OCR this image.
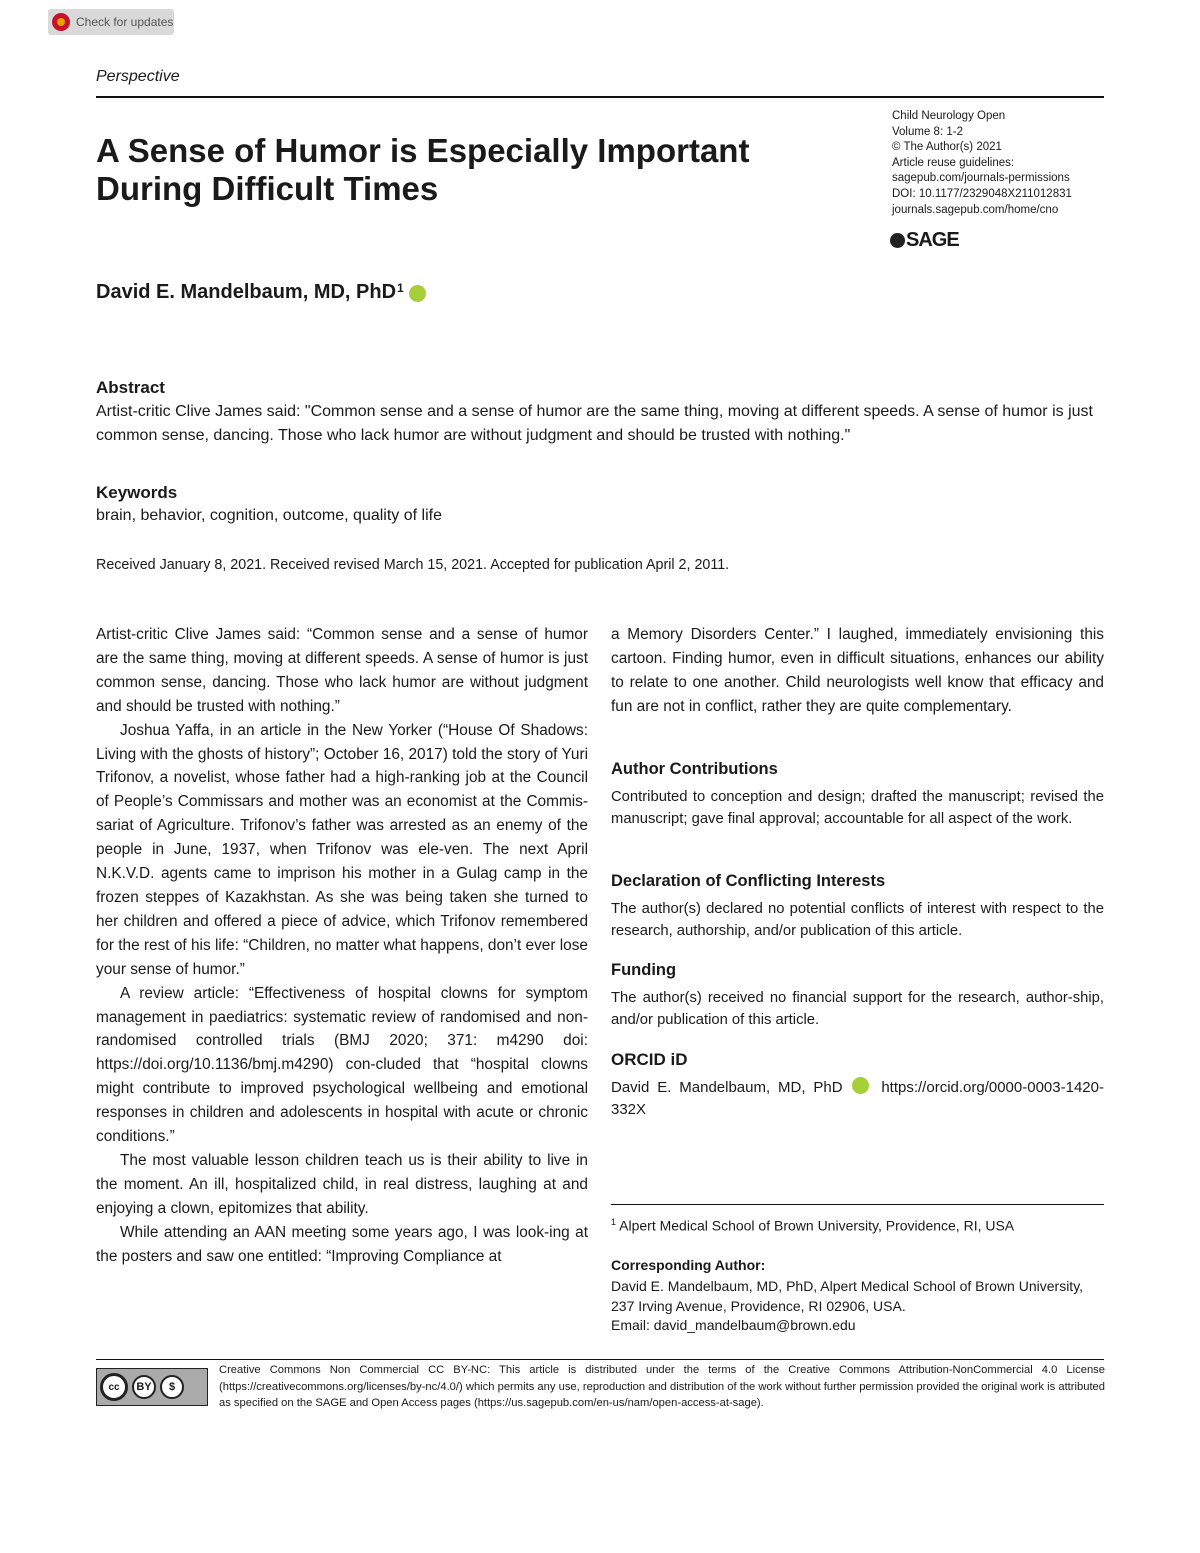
Check for updates
Perspective
A Sense of Humor is Especially Important During Difficult Times
Child Neurology Open
Volume 8: 1-2
© The Author(s) 2021
Article reuse guidelines:
sagepub.com/journals-permissions
DOI: 10.1177/2329048X211012831
journals.sagepub.com/home/cno
SAGE
David E. Mandelbaum, MD, PhD$^1$
Abstract
Artist-critic Clive James said: "Common sense and a sense of humor are the same thing, moving at different speeds. A sense of humor is just common sense, dancing. Those who lack humor are without judgment and should be trusted with nothing."
Keywords
brain, behavior, cognition, outcome, quality of life
Received January 8, 2021. Received revised March 15, 2021. Accepted for publication April 2, 2011.

Artist-critic Clive James said: “Common sense and a sense of humor are the same thing, moving at different speeds. A sense of humor is just common sense, dancing. Those who lack humor are without judgment and should be trusted with nothing.”

Joshua Yaffa, in an article in the New Yorker (“House Of Shadows: Living with the ghosts of history”; October 16, 2017) told the story of Yuri Trifonov, a novelist, whose father had a high-ranking job at the Council of People’s Commissars and mother was an economist at the Commis-sariat of Agriculture. Trifonov’s father was arrested as an enemy of the people in June, 1937, when Trifonov was ele-ven. The next April N.K.V.D. agents came to imprison his mother in a Gulag camp in the frozen steppes of Kazakhstan. As she was being taken she turned to her children and offered a piece of advice, which Trifonov remembered for the rest of his life: “Children, no matter what happens, don’t ever lose your sense of humor.”

A review article: “Effectiveness of hospital clowns for symptom management in paediatrics: systematic review of randomised and non-randomised controlled trials (BMJ 2020; 371: m4290 doi: https://doi.org/10.1136/bmj.m4290) con-cluded that “hospital clowns might contribute to improved psychological wellbeing and emotional responses in children and adolescents in hospital with acute or chronic conditions.”

The most valuable lesson children teach us is their ability to live in the moment. An ill, hospitalized child, in real distress, laughing at and enjoying a clown, epitomizes that ability.

While attending an AAN meeting some years ago, I was look-ing at the posters and saw one entitled: “Improving Compliance at

a Memory Disorders Center.” I laughed, immediately envisioning this cartoon. Finding humor, even in difficult situations, enhances our ability to relate to one another. Child neurologists well know that efficacy and fun are not in conflict, rather they are quite complementary.

Author Contributions
Contributed to conception and design; drafted the manuscript; revised the manuscript; gave final approval; accountable for all aspect of the work.
Declaration of Conflicting Interests
The author(s) declared no potential conflicts of interest with respect to the research, authorship, and/or publication of this article.
Funding
The author(s) received no financial support for the research, author-ship, and/or publication of this article.
ORCID iD
David E. Mandelbaum, MD, PhD	https://orcid.org/0000-0003-1420-332X
$^1$ Alpert Medical School of Brown University, Providence, RI, USA
Corresponding Author:
David E. Mandelbaum, MD, PhD, Alpert Medical School of Brown University,
237 Irving Avenue, Providence, RI 02906, USA.
Email: david_mandelbaum@brown.edu
cc	BY	$
Creative Commons Non Commercial CC BY-NC: This article is distributed under the terms of the Creative Commons Attribution-NonCommercial 4.0 License (https://creativecommons.org/licenses/by-nc/4.0/) which permits any use, reproduction and distribution of the work without further permission provided the original work is attributed as specified on the SAGE and Open Access pages (https://us.sagepub.com/en-us/nam/open-access-at-sage).
